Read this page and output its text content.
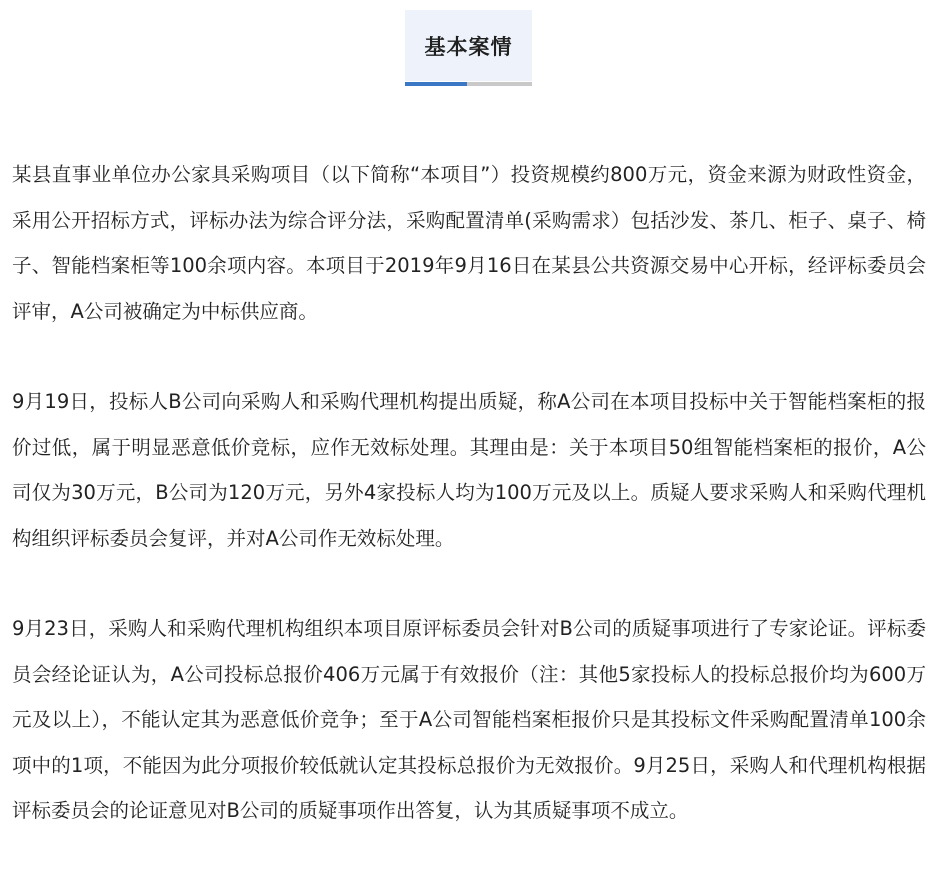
基本案情

某县直事业单位办公家具采购项目（以下简称“本项目”）投资规模约800万元，资金来源为财政性资金，采用公开招标方式，评标办法为综合评分法，采购配置清单(采购需求）包括沙发、茶几、柜子、桌子、椅子、智能档案柜等100余项内容。本项目于2019年9月16日在某县公共资源交易中心开标，经评标委员会评审，A公司被确定为中标供应商。

9月19日，投标人B公司向采购人和采购代理机构提出质疑，称A公司在本项目投标中关于智能档案柜的报价过低，属于明显恶意低价竞标，应作无效标处理。其理由是：关于本项目50组智能档案柜的报价，A公司仅为30万元，B公司为120万元，另外4家投标人均为100万元及以上。质疑人要求采购人和采购代理机构组织评标委员会复评，并对A公司作无效标处理。

9月23日，采购人和采购代理机构组织本项目原评标委员会针对B公司的质疑事项进行了专家论证。评标委员会经论证认为，A公司投标总报价406万元属于有效报价（注：其他5家投标人的投标总报价均为600万元及以上），不能认定其为恶意低价竞争；至于A公司智能档案柜报价只是其投标文件采购配置清单100余项中的1项，不能因为此分项报价较低就认定其投标总报价为无效报价。9月25日，采购人和代理机构根据评标委员会的论证意见对B公司的质疑事项作出答复，认为其质疑事项不成立。
